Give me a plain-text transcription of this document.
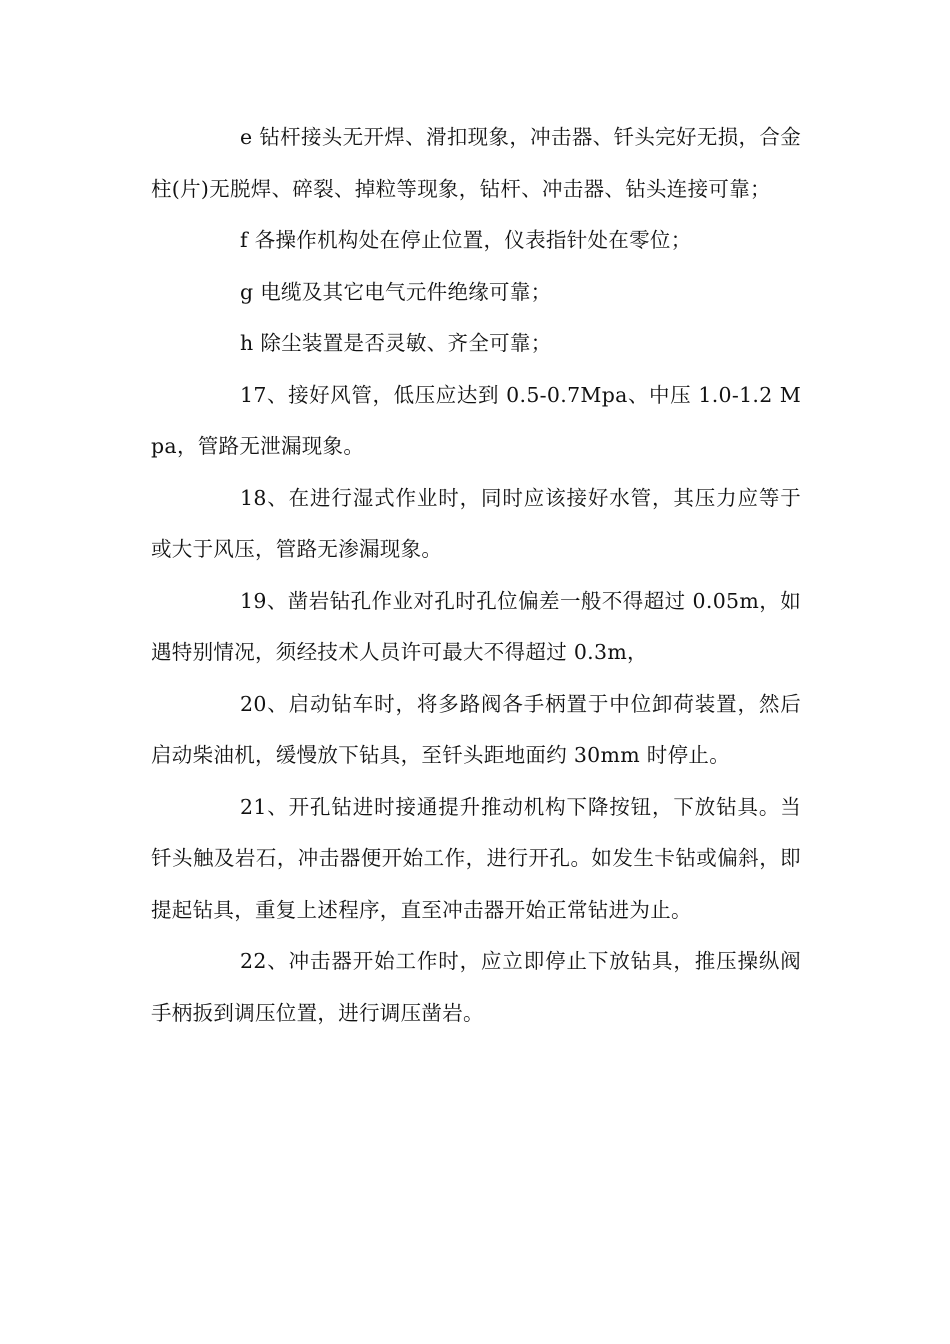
e 钻杆接头无开焊、滑扣现象，冲击器、钎头完好无损，合金柱(片)无脱焊、碎裂、掉粒等现象，钻杆、冲击器、钻头连接可靠；

f 各操作机构处在停止位置，仪表指针处在零位；

g 电缆及其它电气元件绝缘可靠；

h 除尘装置是否灵敏、齐全可靠；

17、接好风管，低压应达到 0.5-0.7Mpa、中压 1.0-1.2 Mpa，管路无泄漏现象。

18、在进行湿式作业时，同时应该接好水管，其压力应等于或大于风压，管路无渗漏现象。

19、凿岩钻孔作业对孔时孔位偏差一般不得超过 0.05m，如遇特别情况，须经技术人员许可最大不得超过 0.3m，

20、启动钻车时，将多路阀各手柄置于中位卸荷装置，然后启动柴油机，缓慢放下钻具，至钎头距地面约 30mm 时停止。

21、开孔钻进时接通提升推动机构下降按钮，下放钻具。当钎头触及岩石，冲击器便开始工作，进行开孔。如发生卡钻或偏斜，即提起钻具，重复上述程序，直至冲击器开始正常钻进为止。

22、冲击器开始工作时，应立即停止下放钻具，推压操纵阀手柄扳到调压位置，进行调压凿岩。
